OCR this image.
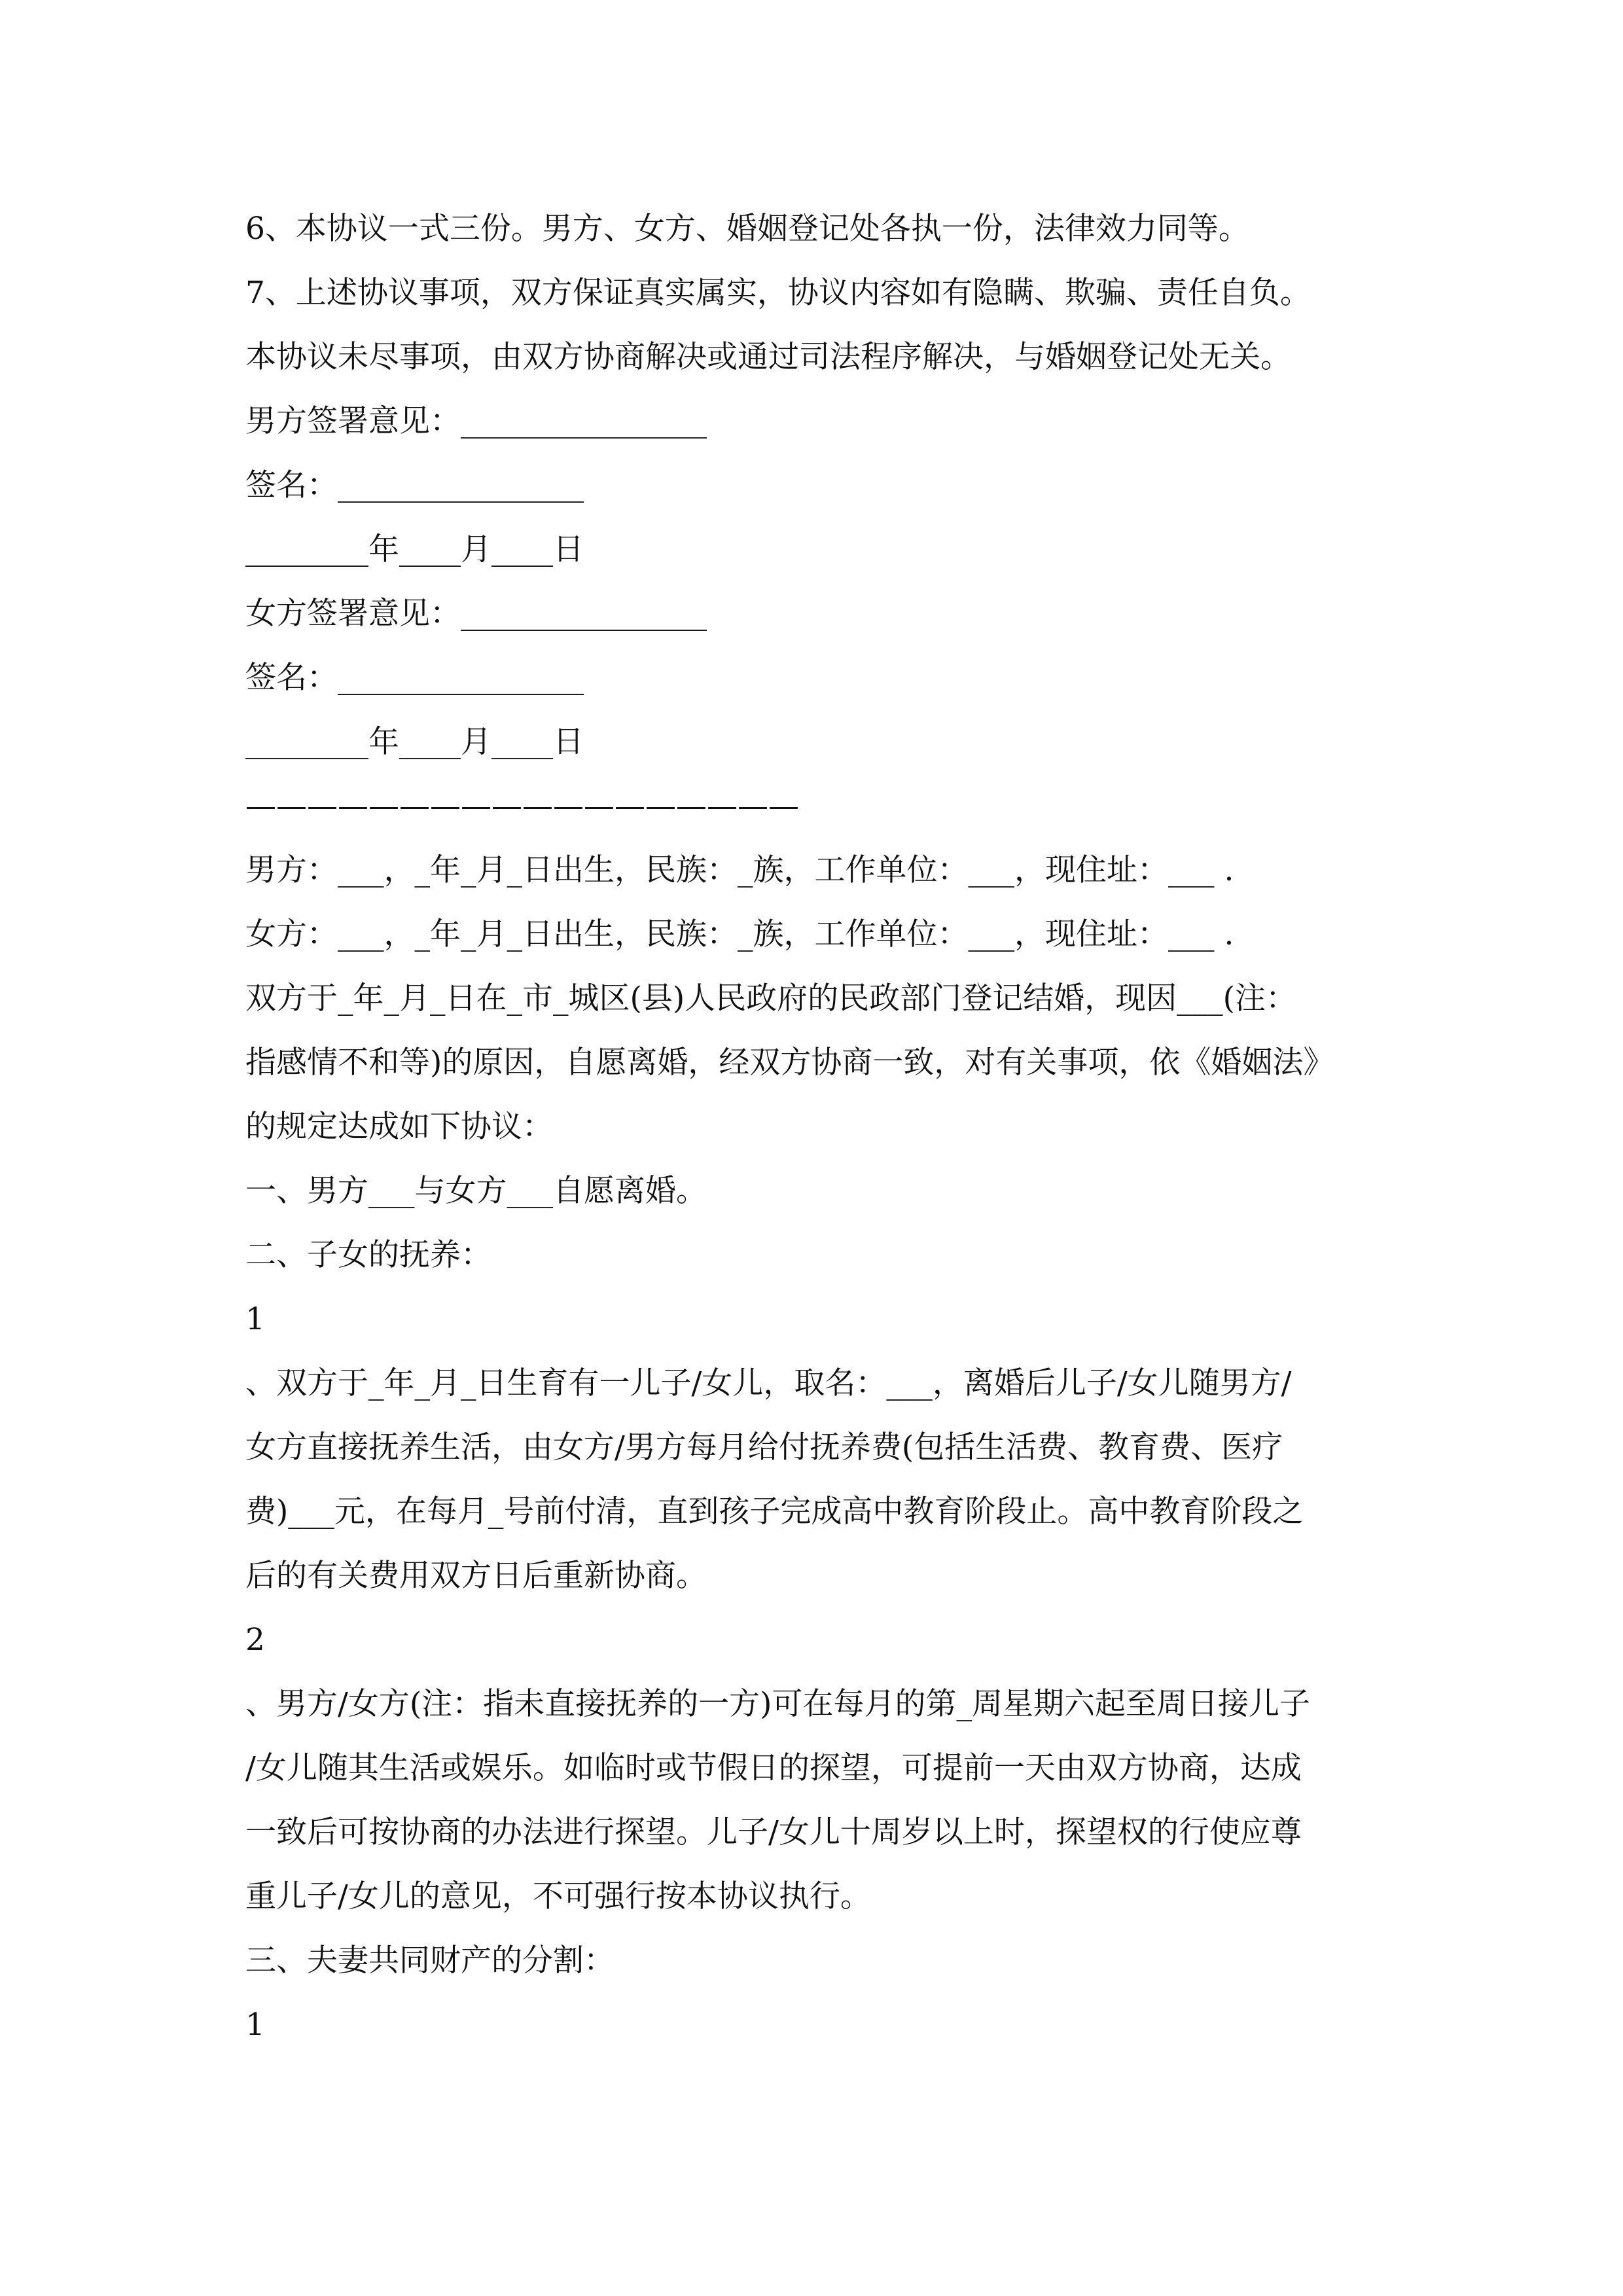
6、本协议一式三份。男方、女方、婚姻登记处各执一份，法律效力同等。
7、上述协议事项，双方保证真实属实，协议内容如有隐瞒、欺骗、责任自负。
本协议未尽事项，由双方协商解决或通过司法程序解决，与婚姻登记处无关。
男方签署意见：________________
签名：________________
________年____月____日
女方签署意见：________________
签名：________________
________年____月____日
——————————————————
男方：___，_年_月_日出生，民族：_族，工作单位：___，现住址：___ .
女方：___，_年_月_日出生，民族：_族，工作单位：___，现住址：___ .
双方于_年_月_日在_市_城区(县)人民政府的民政部门登记结婚，现因___(注：
指感情不和等)的原因，自愿离婚，经双方协商一致，对有关事项，依《婚姻法》
的规定达成如下协议：
一、男方___与女方___自愿离婚。
二、子女的抚养：
1
、双方于_年_月_日生育有一儿子/女儿，取名：___，离婚后儿子/女儿随男方/
女方直接抚养生活，由女方/男方每月给付抚养费(包括生活费、教育费、医疗
费)___元，在每月_号前付清，直到孩子完成高中教育阶段止。高中教育阶段之
后的有关费用双方日后重新协商。
2
、男方/女方(注：指未直接抚养的一方)可在每月的第_周星期六起至周日接儿子
/女儿随其生活或娱乐。如临时或节假日的探望，可提前一天由双方协商，达成
一致后可按协商的办法进行探望。儿子/女儿十周岁以上时，探望权的行使应尊
重儿子/女儿的意见，不可强行按本协议执行。
三、夫妻共同财产的分割：
1
